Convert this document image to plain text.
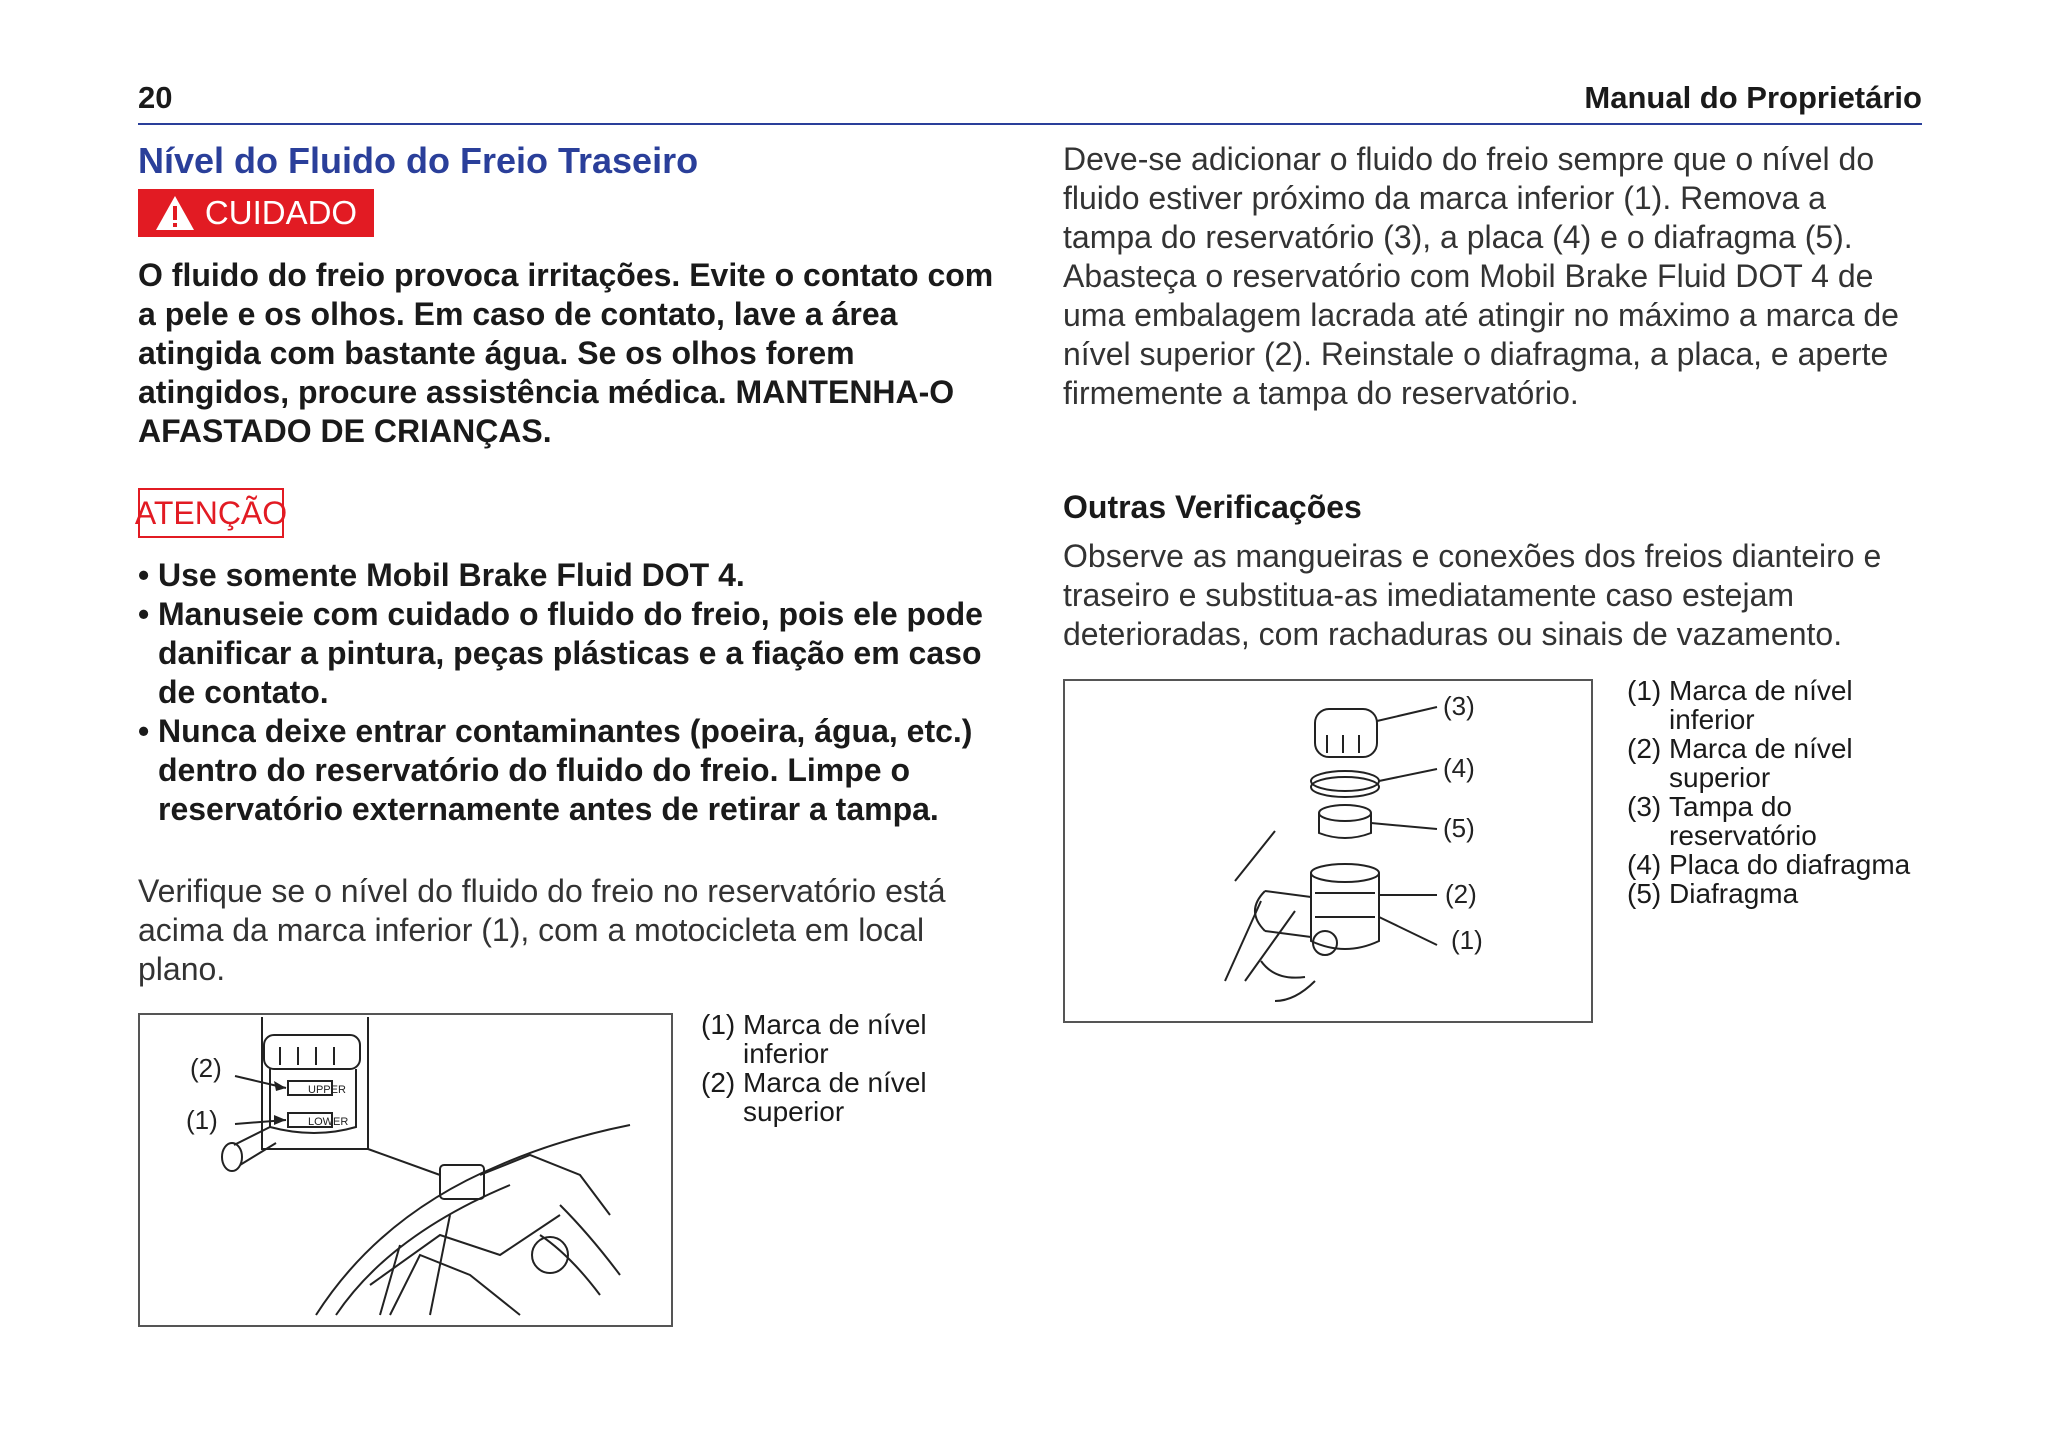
20	Manual do Proprietário
Nível do Fluido do Freio Traseiro
CUIDADO
O fluido do freio provoca irritações. Evite o contato com a pele e os olhos. Em caso de contato, lave a área atingida com bastante água. Se os olhos forem atingidos, procure assistência médica. MANTENHA-O AFASTADO DE CRIANÇAS.
ATENÇÃO
• Use somente Mobil Brake Fluid DOT 4.
• Manuseie com cuidado o fluido do freio, pois ele pode danificar a pintura, peças plásticas e a fiação em caso de contato.
• Nunca deixe entrar contaminantes (poeira, água, etc.) dentro do reservatório do fluido do freio. Limpe o reservatório externamente antes de retirar a tampa.
Verifique se o nível do fluido do freio no reservatório está acima da marca inferior (1), com a motocicleta em local plano.
UPPER
LOWER
(2)
(1)
(1) Marca de nível inferior
(2) Marca de nível superior
Deve-se adicionar o fluido do freio sempre que o nível do fluido estiver próximo da marca inferior (1). Remova a tampa do reservatório (3), a placa (4) e o diafragma (5). Abasteça o reservatório com Mobil Brake Fluid DOT 4 de uma embalagem lacrada até atingir no máximo a marca de nível superior (2). Reinstale o diafragma, a placa, e aperte firmemente a tampa do reservatório.
Outras Verificações
Observe as mangueiras e conexões dos freios dianteiro e traseiro e substitua-as imediatamente caso estejam deterioradas, com rachaduras ou sinais de vazamento.
(3)
(4)
(5)
(2)
(1)
(1) Marca de nível inferior
(2) Marca de nível superior
(3) Tampa do reservatório
(4) Placa do diafragma
(5) Diafragma
